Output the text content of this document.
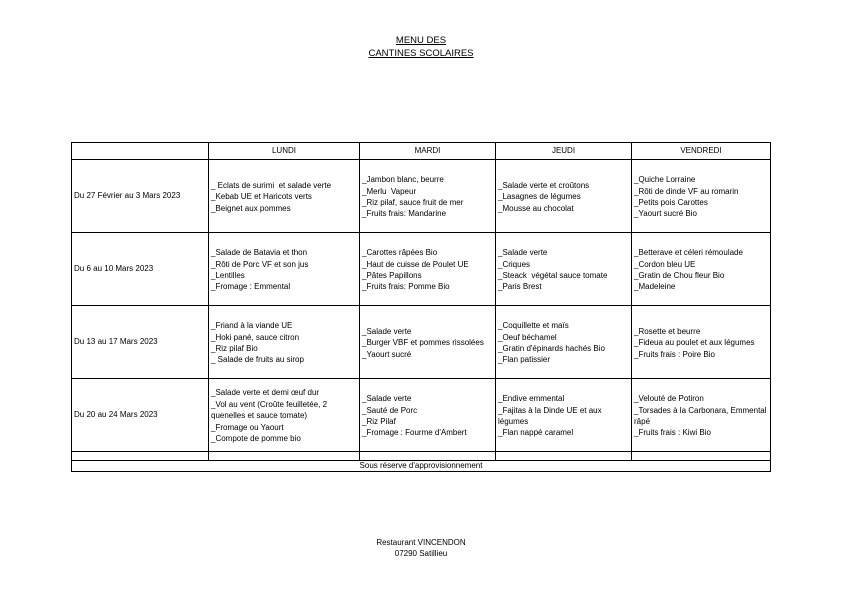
MENU DES
CANTINES SCOLAIRES
	LUNDI	MARDI	JEUDI	VENDREDI
Du 27 Février au 3 Mars 2023	_ Eclats de surimi  et salade verte
_Kebab UE et Haricots verts
_Beignet aux pommes	_Jambon blanc, beurre
_Merlu  Vapeur
_Riz pilaf, sauce fruit de mer
_Fruits frais: Mandarine	_Salade verte et croûtons
_Lasagnes de légumes
_Mousse au chocolat	_Quiche Lorraine
_Rôti de dinde VF au romarin
_Petits pois Carottes
_Yaourt sucré Bio

Du 6 au 10 Mars 2023	_Salade de Batavia et thon
_Rôti de Porc VF et son jus
_Lentilles
_Fromage : Emmental	_Carottes râpées Bio
_Haut de cuisse de Poulet UE
_Pâtes Papillons
_Fruits frais: Pomme Bio	_Salade verte
_Criques
_Steack  végétal sauce tomate
_Paris Brest	_Betterave et céleri rémoulade
_Cordon bleu UE
_Gratin de Chou fleur Bio
_Madeleine

Du 13 au 17 Mars 2023	_Friand à la viande UE
_Hoki pané, sauce citron
_Riz pilaf Bio
_ Salade de fruits au sirop	_Salade verte
_Burger VBF et pommes rissolées
_Yaourt sucré	_Coquillette et maïs
_Oeuf béchamel
_Gratin d'épinards hachés Bio
_Flan patissier	_Rosette et beurre
_Fideua au poulet et aux légumes           _Fruits frais : Poire Bio

Du 20 au 24 Mars 2023	_Salade verte et demi œuf dur
_Vol au vent (Croûte feuilletée, 2 quenelles et sauce tomate)
_Fromage ou Yaourt
_Compote de pomme bio	_Salade verte
_Sauté de Porc
_Riz Pilaf
_Fromage : Fourme d'Ambert	_Endive emmental
_Fajitas à la Dinde UE et aux légumes
_Flan nappé caramel	_Velouté de Potiron
_Torsades à la Carbonara, Emmental râpé
_Fruits frais : Kiwi Bio

Sous réserve d'approvisionnement				
Restaurant VINCENDON
07290 Satillieu
